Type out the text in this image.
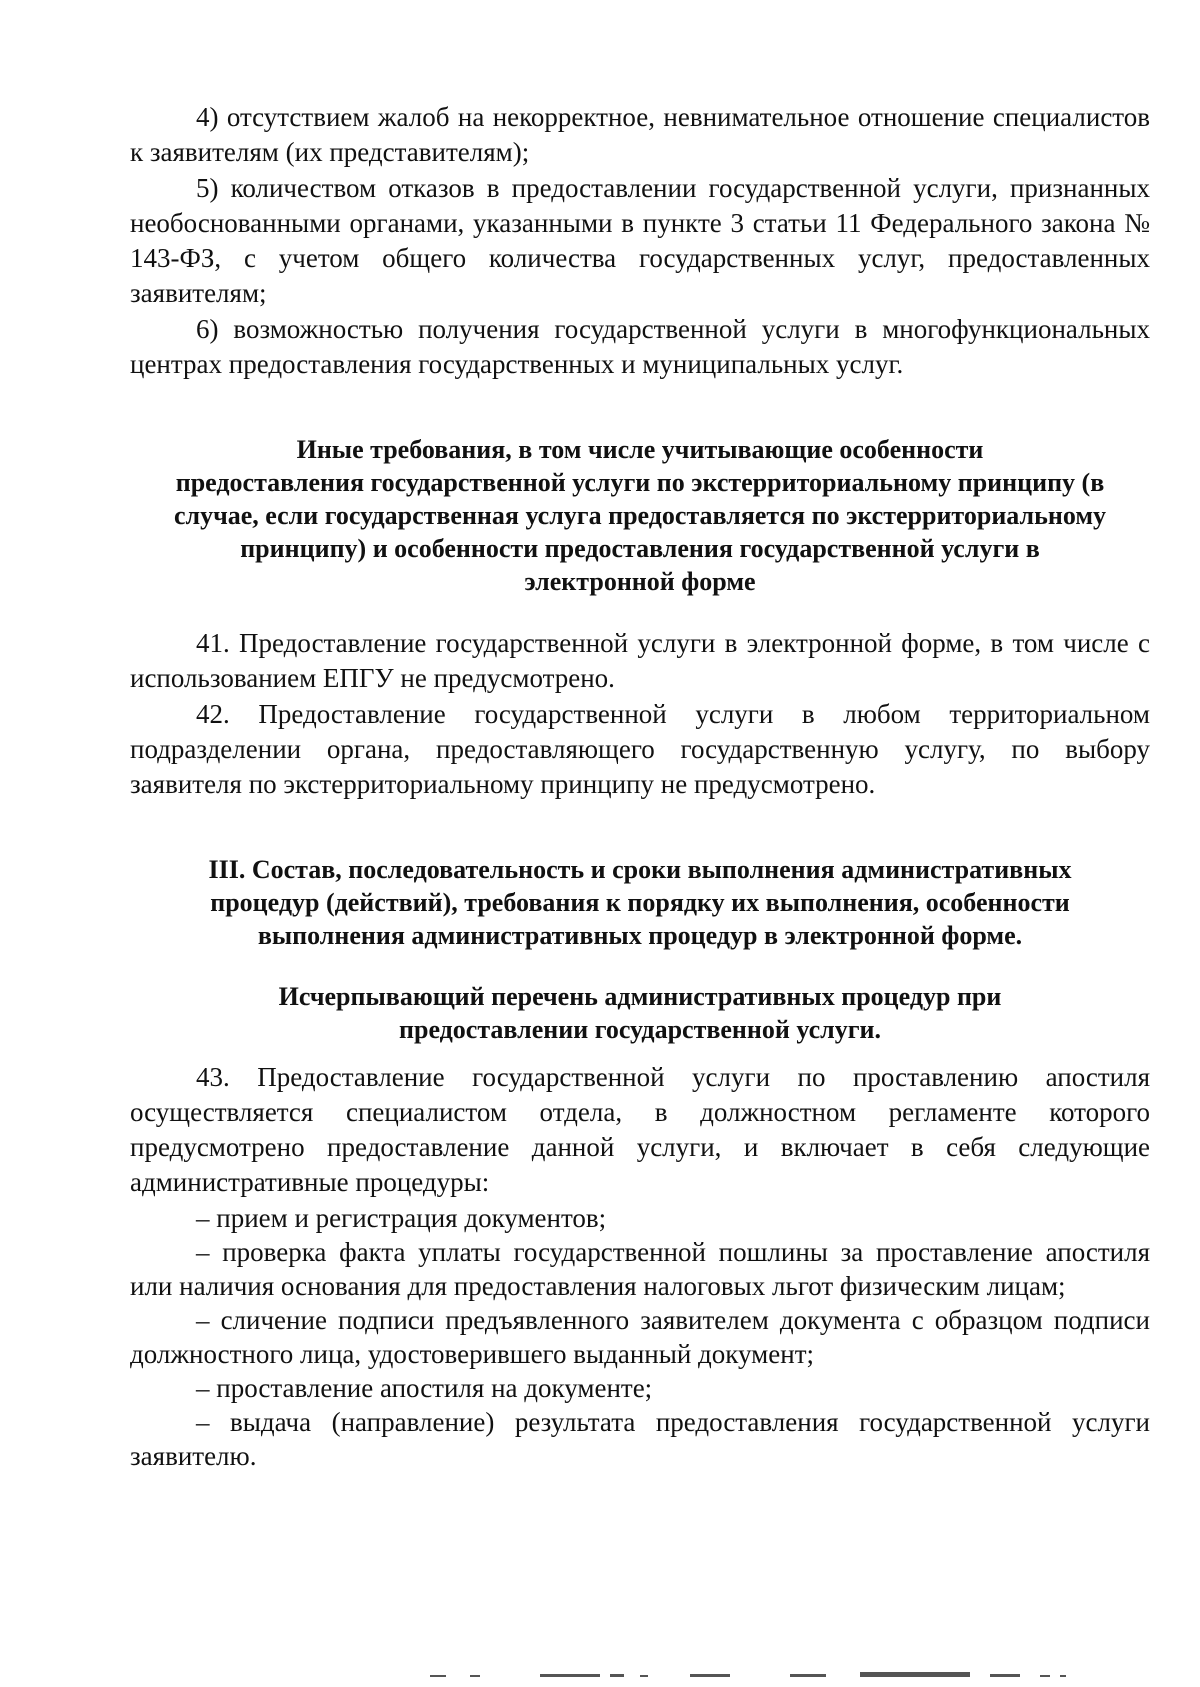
4) отсутствием жалоб на некорректное, невнимательное отношение специалистов к заявителям (их представителям);

5) количеством отказов в предоставлении государственной услуги, признанных необоснованными органами, указанными в пункте 3 статьи 11 Федерального закона № 143-ФЗ, с учетом общего количества государственных услуг, предоставленных заявителям;

6) возможностью получения государственной услуги в многофункциональных центрах предоставления государственных и муниципальных услуг.

Иные требования, в том числе учитывающие особенности

предоставления государственной услуги по экстерриториальному принципу (в

случае, если государственная услуга предоставляется по экстерриториальному

принципу) и особенности предоставления государственной услуги в

электронной форме

41. Предоставление государственной услуги в электронной форме, в том числе с использованием ЕПГУ не предусмотрено.

42. Предоставление государственной услуги в любом территориальном подразделении органа, предоставляющего государственную услугу, по выбору заявителя по экстерриториальному принципу не предусмотрено.

III. Состав, последовательность и сроки выполнения административных

процедур (действий), требования к порядку их выполнения, особенности

выполнения административных процедур в электронной форме.

Исчерпывающий перечень административных процедур при

предоставлении государственной услуги.

43. Предоставление государственной услуги по проставлению апостиля осуществляется специалистом отдела, в должностном регламенте которого предусмотрено предоставление данной услуги, и включает в себя следующие административные процедуры:

– прием и регистрация документов;

– проверка факта уплаты государственной пошлины за проставление апостиля или наличия основания для предоставления налоговых льгот физическим лицам;

– сличение подписи предъявленного заявителем документа с образцом подписи должностного лица, удостоверившего выданный документ;

– проставление апостиля на документе;

– выдача (направление) результата предоставления государственной услуги заявителю.
